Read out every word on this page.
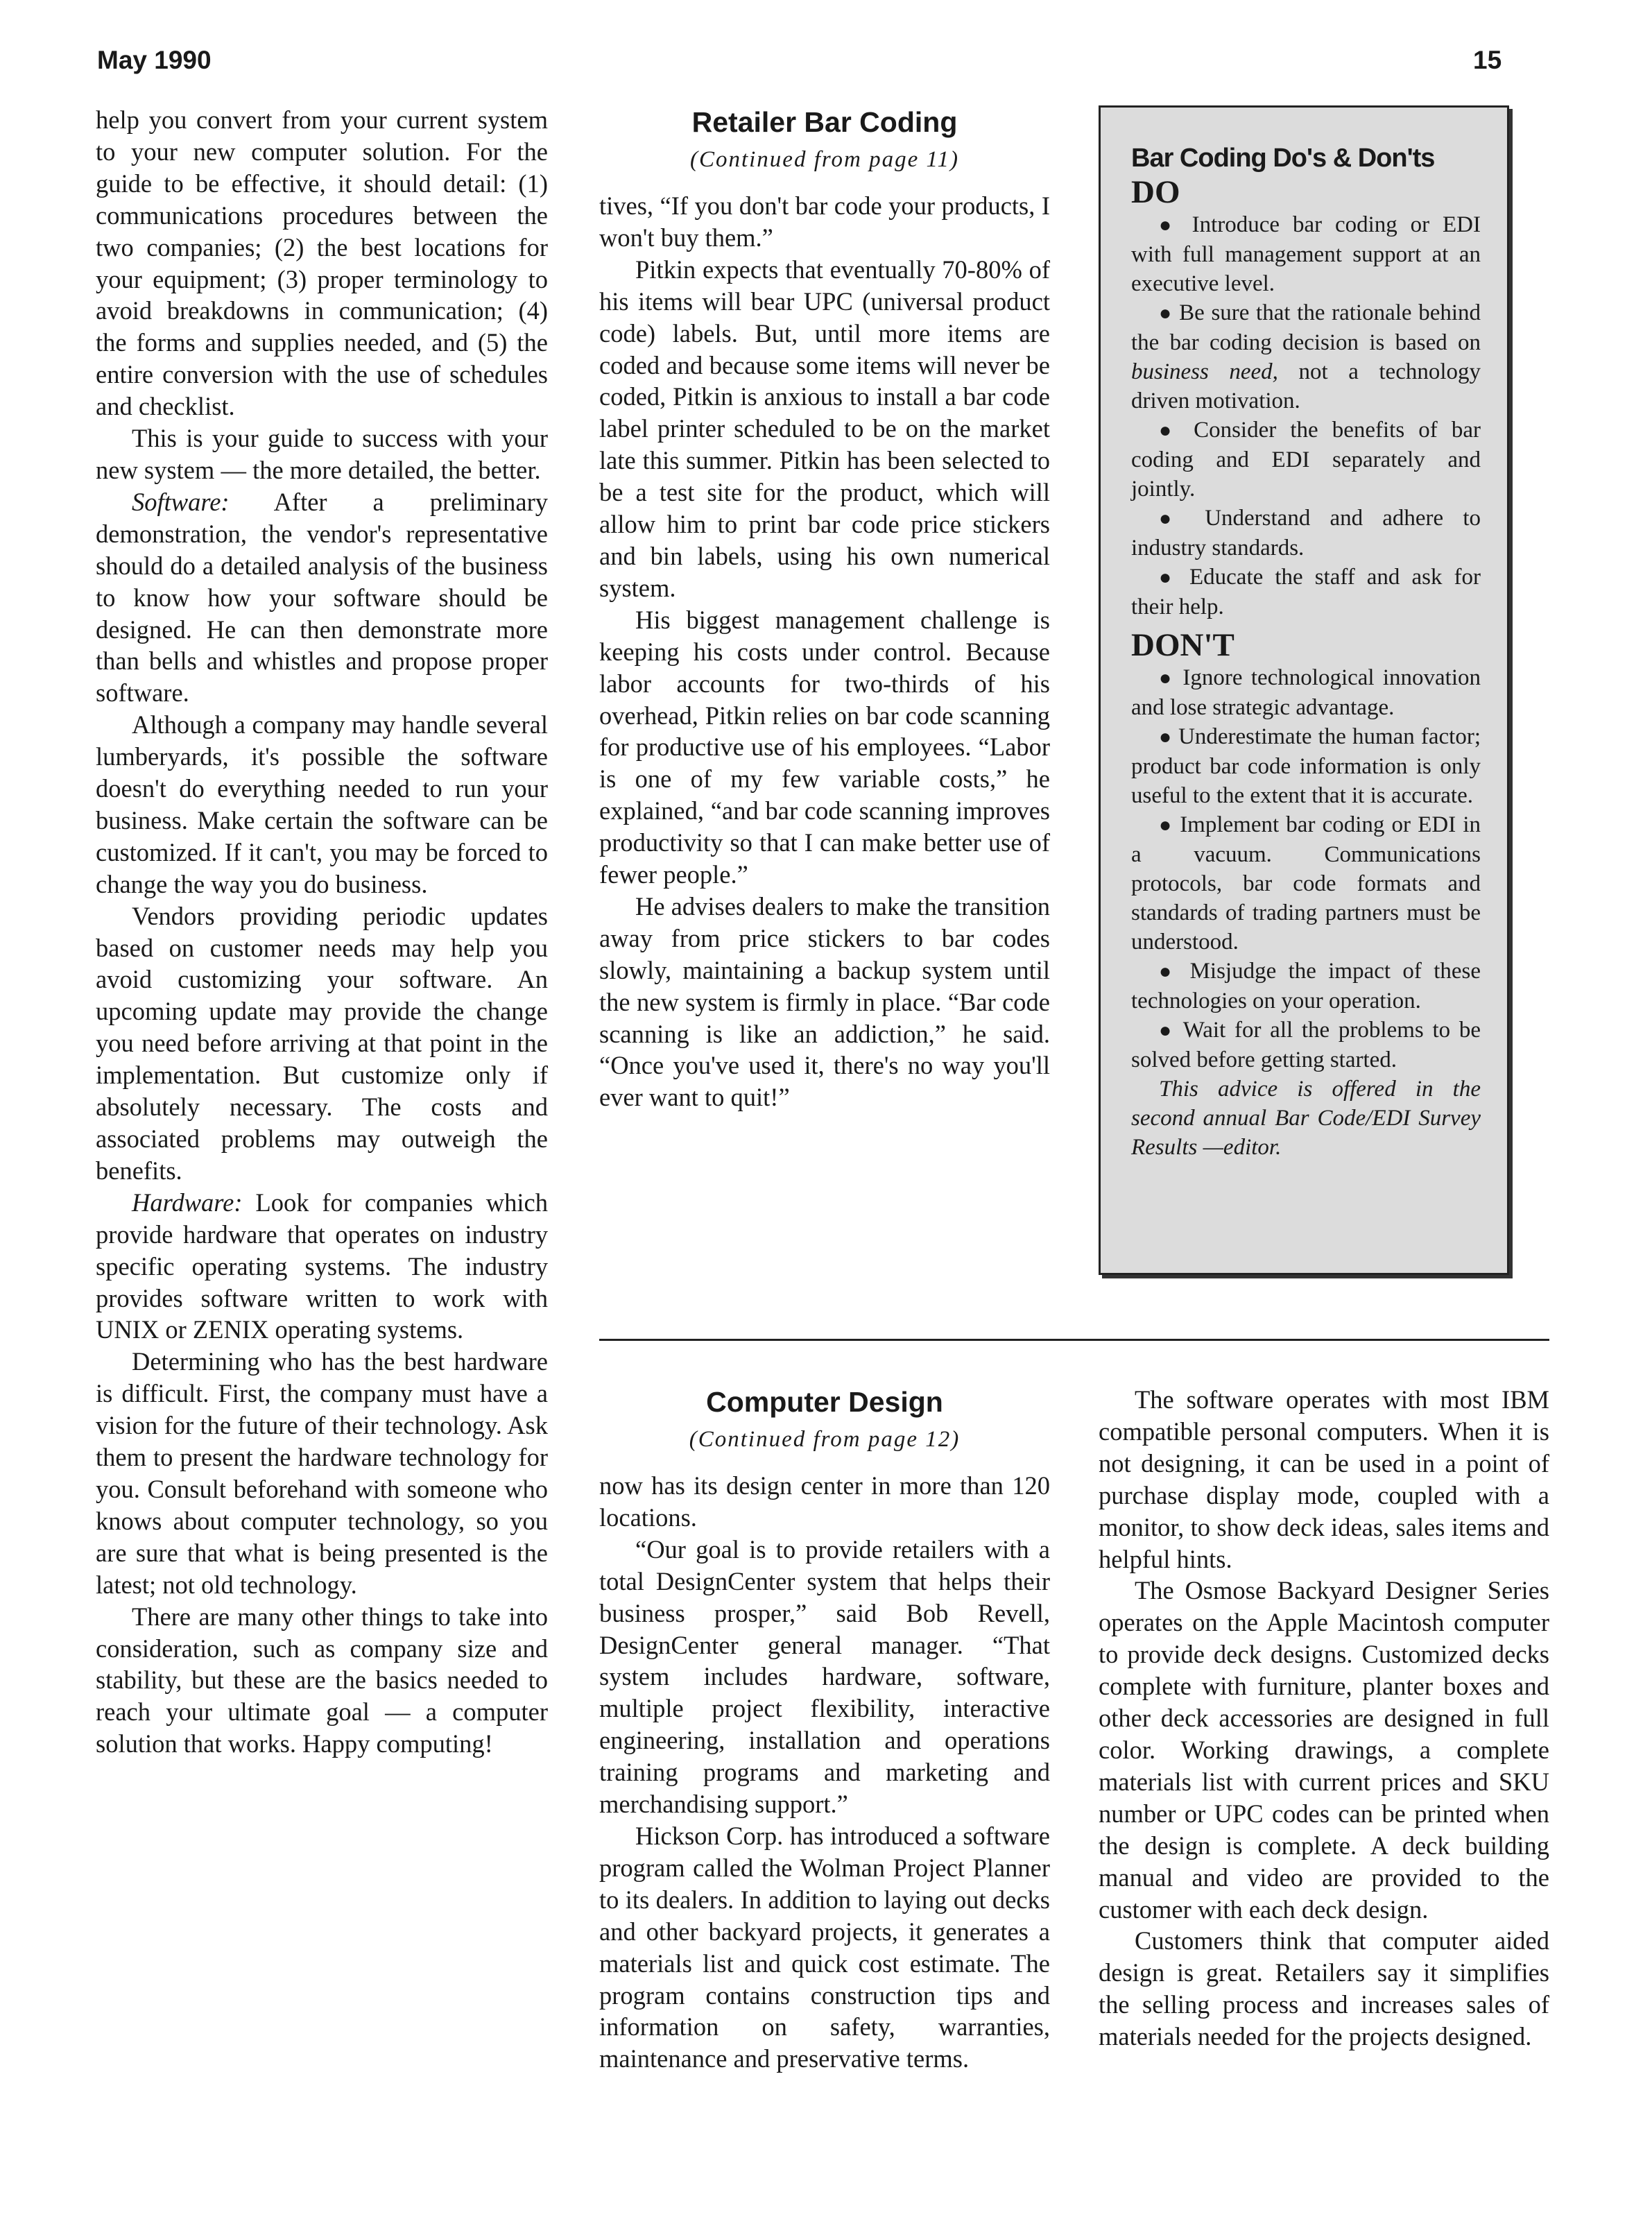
May 1990	15

help you convert from your current system to your new computer solution. For the guide to be effective, it should detail: (1) communications procedures between the two companies; (2) the best locations for your equipment; (3) proper terminology to avoid breakdowns in communication; (4) the forms and supplies needed, and (5) the entire conversion with the use of schedules and checklist.

This is your guide to success with your new system — the more detailed, the better.

Software: After a preliminary demonstration, the vendor's representative should do a detailed analysis of the business to know how your software should be designed. He can then demonstrate more than bells and whistles and propose proper software.

Although a company may handle several lumberyards, it's possible the software doesn't do everything needed to run your business. Make certain the software can be customized. If it can't, you may be forced to change the way you do business.

Vendors providing periodic updates based on customer needs may help you avoid customizing your software. An upcoming update may provide the change you need before arriving at that point in the implementation. But customize only if absolutely necessary. The costs and associated problems may outweigh the benefits.

Hardware: Look for companies which provide hardware that operates on industry specific operating systems. The industry provides software written to work with UNIX or ZENIX operating systems.

Determining who has the best hardware is difficult. First, the company must have a vision for the future of their technology. Ask them to present the hardware technology for you. Consult beforehand with someone who knows about computer technology, so you are sure that what is being presented is the latest; not old technology.

There are many other things to take into consideration, such as company size and stability, but these are the basics needed to reach your ultimate goal — a computer solution that works. Happy computing!

Retailer Bar Coding
(Continued from page 11)

tives, “If you don't bar code your products, I won't buy them.”

Pitkin expects that eventually 70-80% of his items will bear UPC (universal product code) labels. But, until more items are coded and because some items will never be coded, Pitkin is anxious to install a bar code label printer scheduled to be on the market late this summer. Pitkin has been selected to be a test site for the product, which will allow him to print bar code price stickers and bin labels, using his own numerical system.

His biggest management challenge is keeping his costs under control. Because labor accounts for two-thirds of his overhead, Pitkin relies on bar code scanning for productive use of his employees. “Labor is one of my few variable costs,” he explained, “and bar code scanning improves productivity so that I can make better use of fewer people.”

He advises dealers to make the transition away from price stickers to bar codes slowly, maintaining a backup system until the new system is firmly in place. “Bar code scanning is like an addiction,” he said. “Once you've used it, there's no way you'll ever want to quit!”

Bar Coding Do's & Don'ts
DO

● Introduce bar coding or EDI with full management support at an executive level.

● Be sure that the rationale behind the bar coding decision is based on business need, not a technology driven motivation.

● Consider the benefits of bar coding and EDI separately and jointly.

● Understand and adhere to industry standards.

● Educate the staff and ask for their help.

DON'T

● Ignore technological innovation and lose strategic advantage.

● Underestimate the human factor; product bar code information is only useful to the extent that it is accurate.

● Implement bar coding or EDI in a vacuum. Communications protocols, bar code formats and standards of trading partners must be understood.

● Misjudge the impact of these technologies on your operation.

● Wait for all the problems to be solved before getting started.

This advice is offered in the second annual Bar Code/EDI Survey Results —editor.

Computer Design
(Continued from page 12)

now has its design center in more than 120 locations.

“Our goal is to provide retailers with a total DesignCenter system that helps their business prosper,” said Bob Revell, DesignCenter general manager. “That system includes hardware, software, multiple project flexibility, interactive engineering, installation and operations training programs and marketing and merchandising support.”

Hickson Corp. has introduced a software program called the Wolman Project Planner to its dealers. In addition to laying out decks and other backyard projects, it generates a materials list and quick cost estimate. The program contains construction tips and information on safety, warranties, maintenance and preservative terms.

The software operates with most IBM compatible personal computers. When it is not designing, it can be used in a point of purchase display mode, coupled with a monitor, to show deck ideas, sales items and helpful hints.

The Osmose Backyard Designer Series operates on the Apple Macintosh computer to provide deck designs. Customized decks complete with furniture, planter boxes and other deck accessories are designed in full color. Working drawings, a complete materials list with current prices and SKU number or UPC codes can be printed when the design is complete. A deck building manual and video are provided to the customer with each deck design.

Customers think that computer aided design is great. Retailers say it simplifies the selling process and increases sales of materials needed for the projects designed.
